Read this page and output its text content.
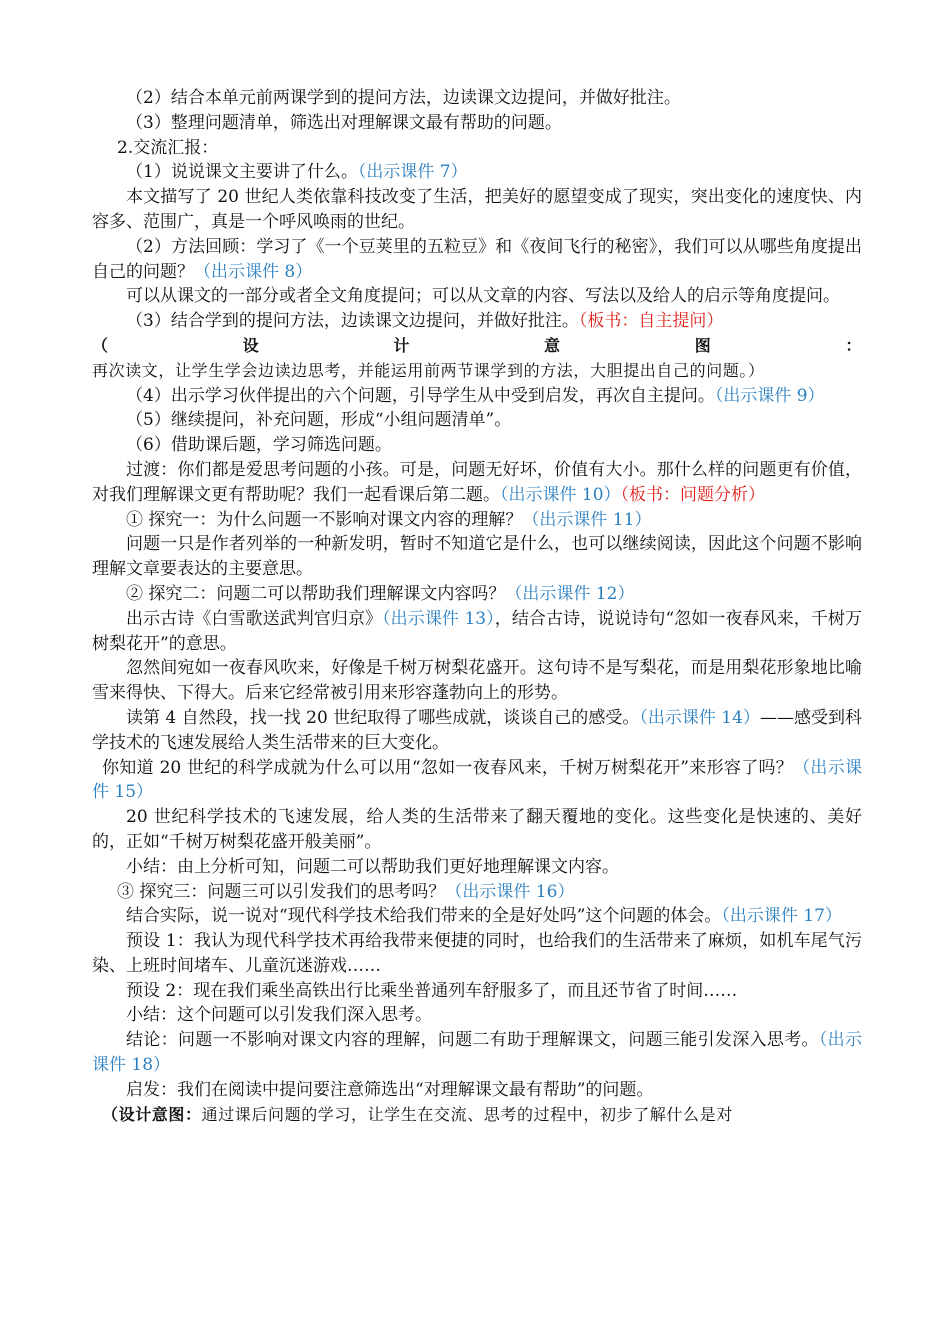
（2）结合本单元前两课学到的提问方法，边读课文边提问，并做好批注。

（3）整理问题清单，筛选出对理解课文最有帮助的问题。

2.交流汇报：

（1）说说课文主要讲了什么。（出示课件 7）

本文描写了 20 世纪人类依靠科技改变了生活，把美好的愿望变成了现实，突出变化的速度快、内容多、范围广，真是一个呼风唤雨的世纪。

（2）方法回顾：学习了《一个豆荚里的五粒豆》和《夜间飞行的秘密》，我们可以从哪些角度提出自己的问题？（出示课件 8）

可以从课文的一部分或者全文角度提问；可以从文章的内容、写法以及给人的启示等角度提问。

（3）结合学到的提问方法，边读课文边提问，并做好批注。（板书：自主提问）

（设计意图：再次读文，让学生学会边读边思考，并能运用前两节课学到的方法，大胆提出自己的问题。）

（4）出示学习伙伴提出的六个问题，引导学生从中受到启发，再次自主提问。（出示课件 9）

（5）继续提问，补充问题，形成“小组问题清单”。

（6）借助课后题，学习筛选问题。

过渡：你们都是爱思考问题的小孩。可是，问题无好坏，价值有大小。那什么样的问题更有价值，对我们理解课文更有帮助呢？我们一起看课后第二题。（出示课件 10）（板书：问题分析）

① 探究一：为什么问题一不影响对课文内容的理解？（出示课件 11）

问题一只是作者列举的一种新发明，暂时不知道它是什么，也可以继续阅读，因此这个问题不影响理解文章要表达的主要意思。

② 探究二：问题二可以帮助我们理解课文内容吗？（出示课件 12）

出示古诗《白雪歌送武判官归京》（出示课件 13），结合古诗，说说诗句“忽如一夜春风来，千树万树梨花开”的意思。

忽然间宛如一夜春风吹来，好像是千树万树梨花盛开。这句诗不是写梨花，而是用梨花形象地比喻雪来得快、下得大。后来它经常被引用来形容蓬勃向上的形势。

读第 4 自然段，找一找 20 世纪取得了哪些成就，谈谈自己的感受。（出示课件 14）——感受到科学技术的飞速发展给人类生活带来的巨大变化。

你知道 20 世纪的科学成就为什么可以用“忽如一夜春风来，千树万树梨花开”来形容了吗？（出示课件 15）

20 世纪科学技术的飞速发展，给人类的生活带来了翻天覆地的变化。这些变化是快速的、美好的，正如“千树万树梨花盛开般美丽”。

小结：由上分析可知，问题二可以帮助我们更好地理解课文内容。

③ 探究三：问题三可以引发我们的思考吗？（出示课件 16）

结合实际，说一说对“现代科学技术给我们带来的全是好处吗”这个问题的体会。（出示课件 17）

预设 1：我认为现代科学技术再给我带来便捷的同时，也给我们的生活带来了麻烦，如机车尾气污染、上班时间堵车、儿童沉迷游戏……

预设 2：现在我们乘坐高铁出行比乘坐普通列车舒服多了，而且还节省了时间……

小结：这个问题可以引发我们深入思考。

结论：问题一不影响对课文内容的理解，问题二有助于理解课文，问题三能引发深入思考。（出示课件 18）

启发：我们在阅读中提问要注意筛选出“对理解课文最有帮助”的问题。

（设计意图：通过课后问题的学习，让学生在交流、思考的过程中，初步了解什么是对
